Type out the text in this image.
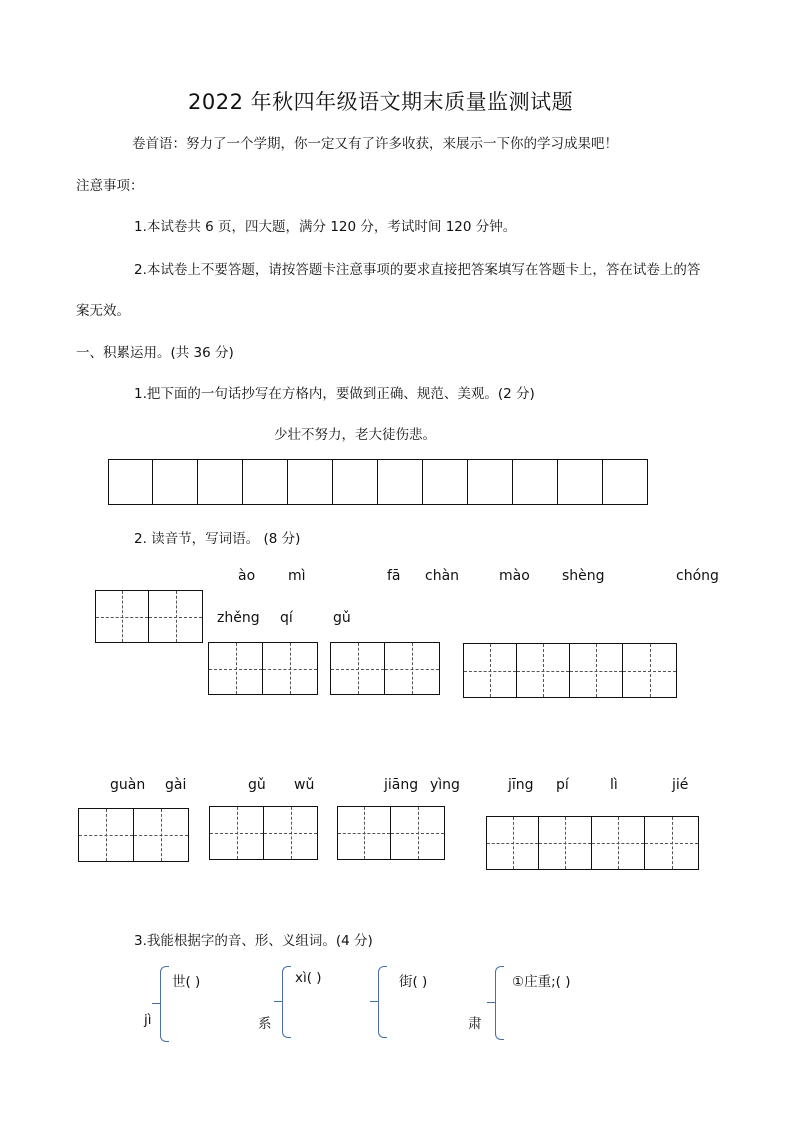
2022 年秋四年级语文期末质量监测试题
卷首语：努力了一个学期，你一定又有了许多收获，来展示一下你的学习成果吧！
注意事项：
1.本试卷共 6 页，四大题，满分 120 分，考试时间 120 分钟。
2.本试卷上不要答题，请按答题卡注意事项的要求直接把答案填写在答题卡上，答在试卷上的答
案无效。
一、积累运用。(共 36 分)
1.把下面的一句话抄写在方格内，要做到正确、规范、美观。(2 分)
少壮不努力，老大徒伤悲。
2. 读音节，写词语。 (8 分)
ào mì	fā chàn	mào shèng	chóng
zhěng qí	gǔ
guàn gài	gǔ wǔ	jiāng yìng	jīng pí	lì	jié
3.我能根据字的音、形、义组词。(4 分)
jì
世( )	xì( )
系
街( )	①庄重;( )
肃
